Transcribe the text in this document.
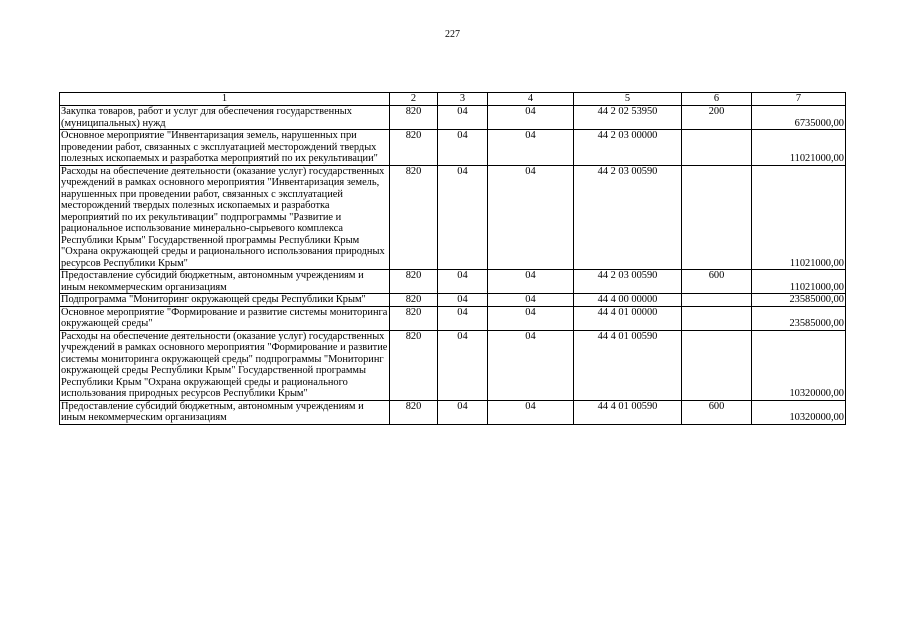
227
1	2	3	4	5	6	7
Закупка товаров, работ и услуг для обеспечения государственных (муниципальных) нужд	820	04	04	44 2 02 53950	200	6735000,00
Основное мероприятие "Инвентаризация земель, нарушенных при проведении работ, связанных с эксплуатацией месторождений твердых полезных ископаемых и разработка мероприятий по их рекультивации"	820	04	04	44 2 03 00000		11021000,00
Расходы на обеспечение деятельности (оказание услуг) государственных учреждений в рамках основного мероприятия "Инвентаризация земель, нарушенных при проведении работ, связанных с эксплуатацией месторождений твердых полезных ископаемых и разработка мероприятий по их рекультивации" подпрограммы "Развитие и рациональное использование минерально-сырьевого комплекса Республики Крым" Государственной программы Республики Крым "Охрана окружающей среды и рационального использования природных ресурсов Республики Крым"	820	04	04	44 2 03 00590		11021000,00
Предоставление субсидий бюджетным, автономным учреждениям и иным некоммерческим организациям	820	04	04	44 2 03 00590	600	11021000,00
Подпрограмма "Мониторинг окружающей среды Республики Крым"	820	04	04	44 4 00 00000		23585000,00
Основное мероприятие "Формирование и развитие системы мониторинга окружающей среды"	820	04	04	44 4 01 00000		23585000,00
Расходы на обеспечение деятельности (оказание услуг) государственных учреждений в рамках основного мероприятия "Формирование и развитие системы мониторинга окружающей среды" подпрограммы "Мониторинг окружающей среды Республики Крым" Государственной программы Республики Крым "Охрана окружающей среды и рационального использования природных ресурсов Республики Крым"	820	04	04	44 4 01 00590		10320000,00
Предоставление субсидий бюджетным, автономным учреждениям и иным некоммерческим организациям	820	04	04	44 4 01 00590	600	10320000,00
